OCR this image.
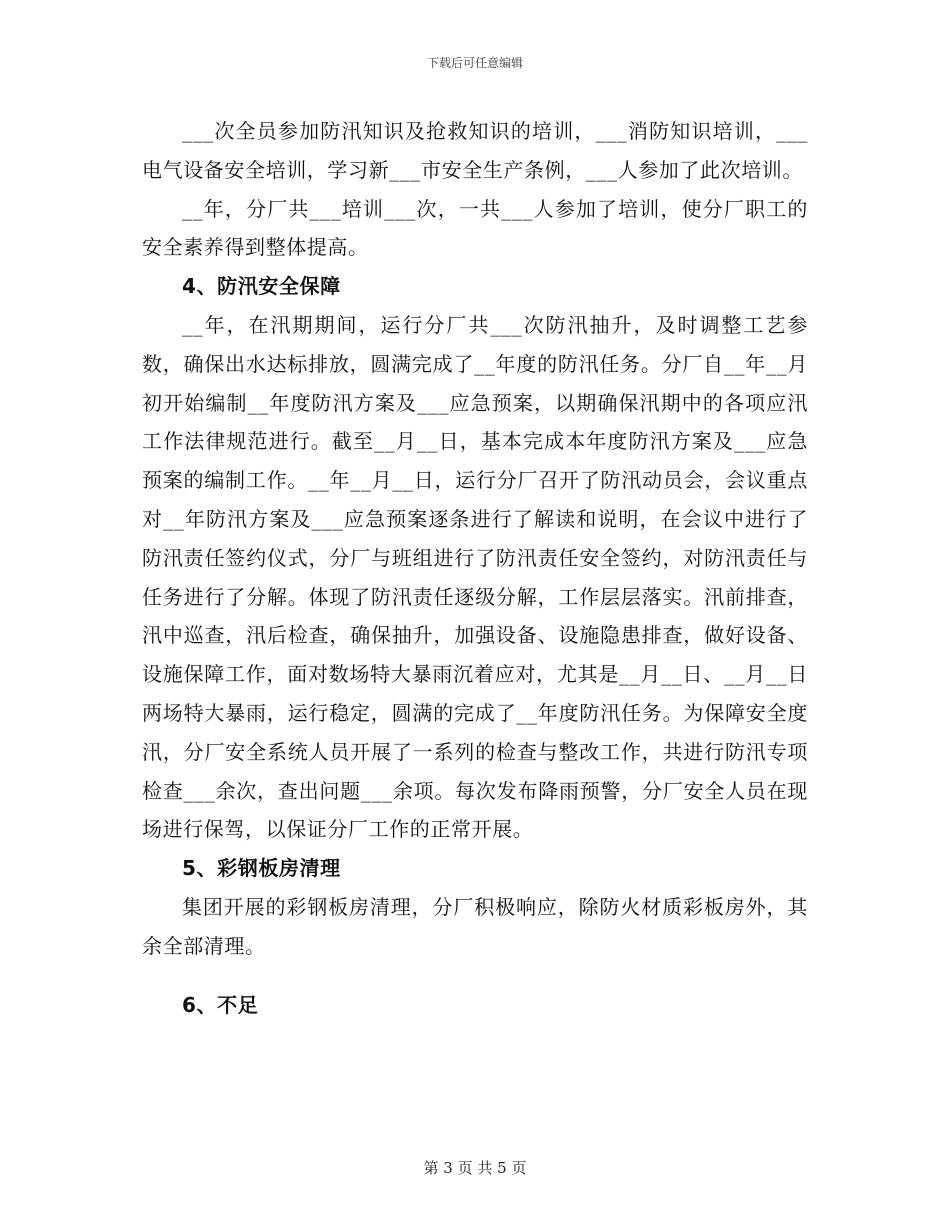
下载后可任意编辑

___次全员参加防汛知识及抢救知识的培训，___消防知识培训，___电气设备安全培训，学习新___市安全生产条例，___人参加了此次培训。

__年，分厂共___培训___次，一共___人参加了培训，使分厂职工的安全素养得到整体提高。

4、防汛安全保障

__年，在汛期期间，运行分厂共___次防汛抽升，及时调整工艺参数，确保出水达标排放，圆满完成了__年度的防汛任务。分厂自__年__月初开始编制__年度防汛方案及___应急预案，以期确保汛期中的各项应汛工作法律规范进行。截至__月__日，基本完成本年度防汛方案及___应急预案的编制工作。__年__月__日，运行分厂召开了防汛动员会，会议重点对__年防汛方案及___应急预案逐条进行了解读和说明，在会议中进行了防汛责任签约仪式，分厂与班组进行了防汛责任安全签约，对防汛责任与任务进行了分解。体现了防汛责任逐级分解，工作层层落实。汛前排查，汛中巡查，汛后检查，确保抽升，加强设备、设施隐患排查，做好设备、设施保障工作，面对数场特大暴雨沉着应对，尤其是__月__日、__月__日两场特大暴雨，运行稳定，圆满的完成了__年度防汛任务。为保障安全度汛，分厂安全系统人员开展了一系列的检查与整改工作，共进行防汛专项检查___余次，查出问题___余项。每次发布降雨预警，分厂安全人员在现场进行保驾，以保证分厂工作的正常开展。

5、彩钢板房清理

集团开展的彩钢板房清理，分厂积极响应，除防火材质彩板房外，其余全部清理。

6、不足

第 3 页 共 5 页
